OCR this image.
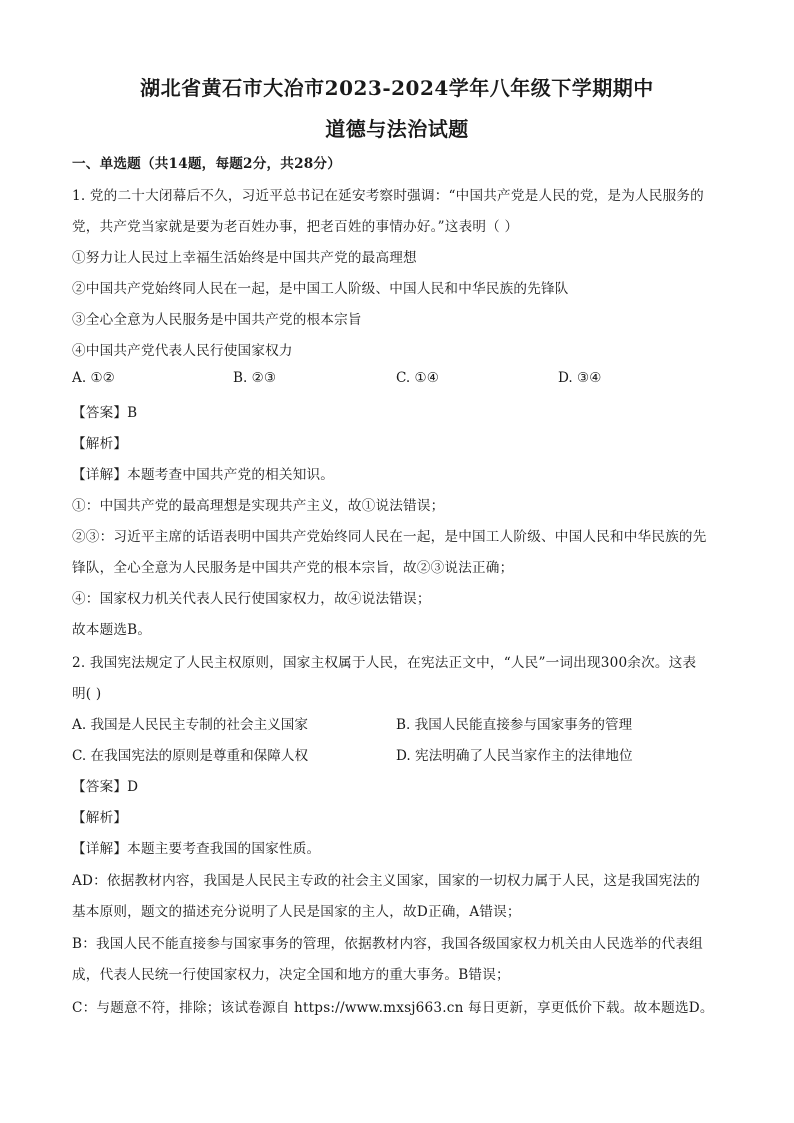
湖北省黄石市大冶市2023-2024学年八年级下学期期中
道德与法治试题
一、单选题（共14题，每题2分，共28分）
1. 党的二十大闭幕后不久，习近平总书记在延安考察时强调：“中国共产党是人民的党，是为人民服务的
党，共产党当家就是要为老百姓办事，把老百姓的事情办好。”这表明（ ）
①努力让人民过上幸福生活始终是中国共产党的最高理想
②中国共产党始终同人民在一起，是中国工人阶级、中国人民和中华民族的先锋队
③全心全意为人民服务是中国共产党的根本宗旨
④中国共产党代表人民行使国家权力
A. ①②	B. ②③	C. ①④	D. ③④
【答案】B
【解析】
【详解】本题考查中国共产党的相关知识。
①：中国共产党的最高理想是实现共产主义，故①说法错误；
②③：习近平主席的话语表明中国共产党始终同人民在一起，是中国工人阶级、中国人民和中华民族的先
锋队，全心全意为人民服务是中国共产党的根本宗旨，故②③说法正确；
④：国家权力机关代表人民行使国家权力，故④说法错误；
故本题选B。
2. 我国宪法规定了人民主权原则，国家主权属于人民，在宪法正文中，“人民”一词出现300余次。这表
明( )
A. 我国是人民民主专制的社会主义国家	B. 我国人民能直接参与国家事务的管理
C. 在我国宪法的原则是尊重和保障人权	D. 宪法明确了人民当家作主的法律地位
【答案】D
【解析】
【详解】本题主要考查我国的国家性质。
AD：依据教材内容，我国是人民民主专政的社会主义国家，国家的一切权力属于人民，这是我国宪法的
基本原则，题文的描述充分说明了人民是国家的主人，故D正确，A错误；
B：我国人民不能直接参与国家事务的管理，依据教材内容，我国各级国家权力机关由人民选举的代表组
成，代表人民统一行使国家权力，决定全国和地方的重大事务。B错误；
C：与题意不符，排除；该试卷源自 https://www.mxsj663.cn 每日更新，享更低价下载。故本题选D。
